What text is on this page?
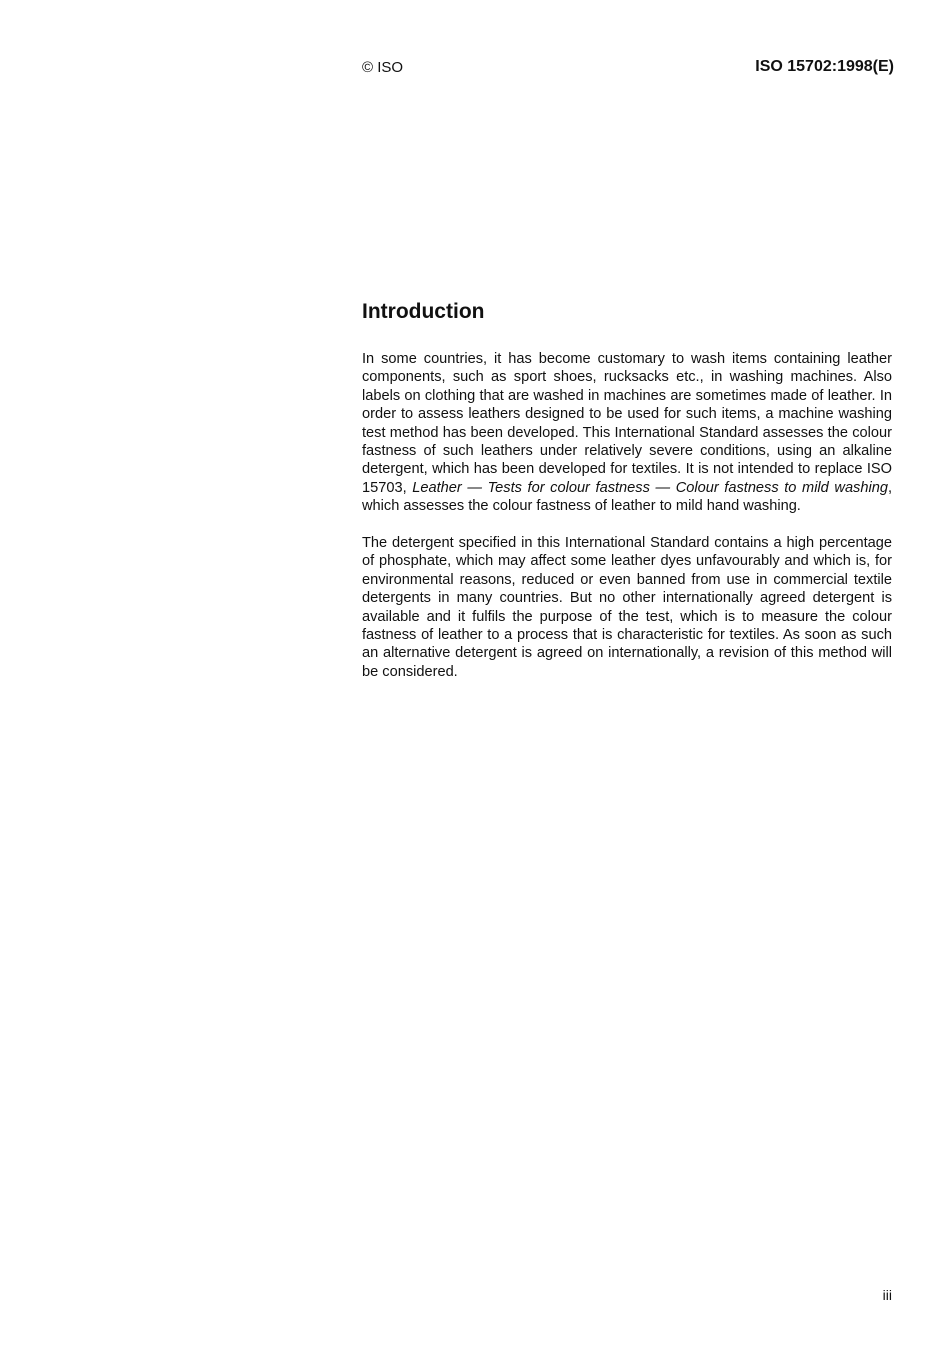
© ISO	ISO 15702:1998(E)
Introduction

In some countries, it has become customary to wash items containing leather components, such as sport shoes, rucksacks etc., in washing machines. Also labels on clothing that are washed in machines are sometimes made of leather. In order to assess leathers designed to be used for such items, a machine washing test method has been developed. This International Standard assesses the colour fastness of such leathers under relatively severe conditions, using an alkaline detergent, which has been developed for textiles. It is not intended to replace ISO 15703, Leather — Tests for colour fastness — Colour fastness to mild washing, which assesses the colour fastness of leather to mild hand washing.

The detergent specified in this International Standard contains a high percentage of phosphate, which may affect some leather dyes unfavourably and which is, for environmental reasons, reduced or even banned from use in commercial textile detergents in many countries. But no other internationally agreed detergent is available and it fulfils the purpose of the test, which is to measure the colour fastness of leather to a process that is characteristic for textiles. As soon as such an alternative detergent is agreed on internationally, a revision of this method will be considered.

iii
